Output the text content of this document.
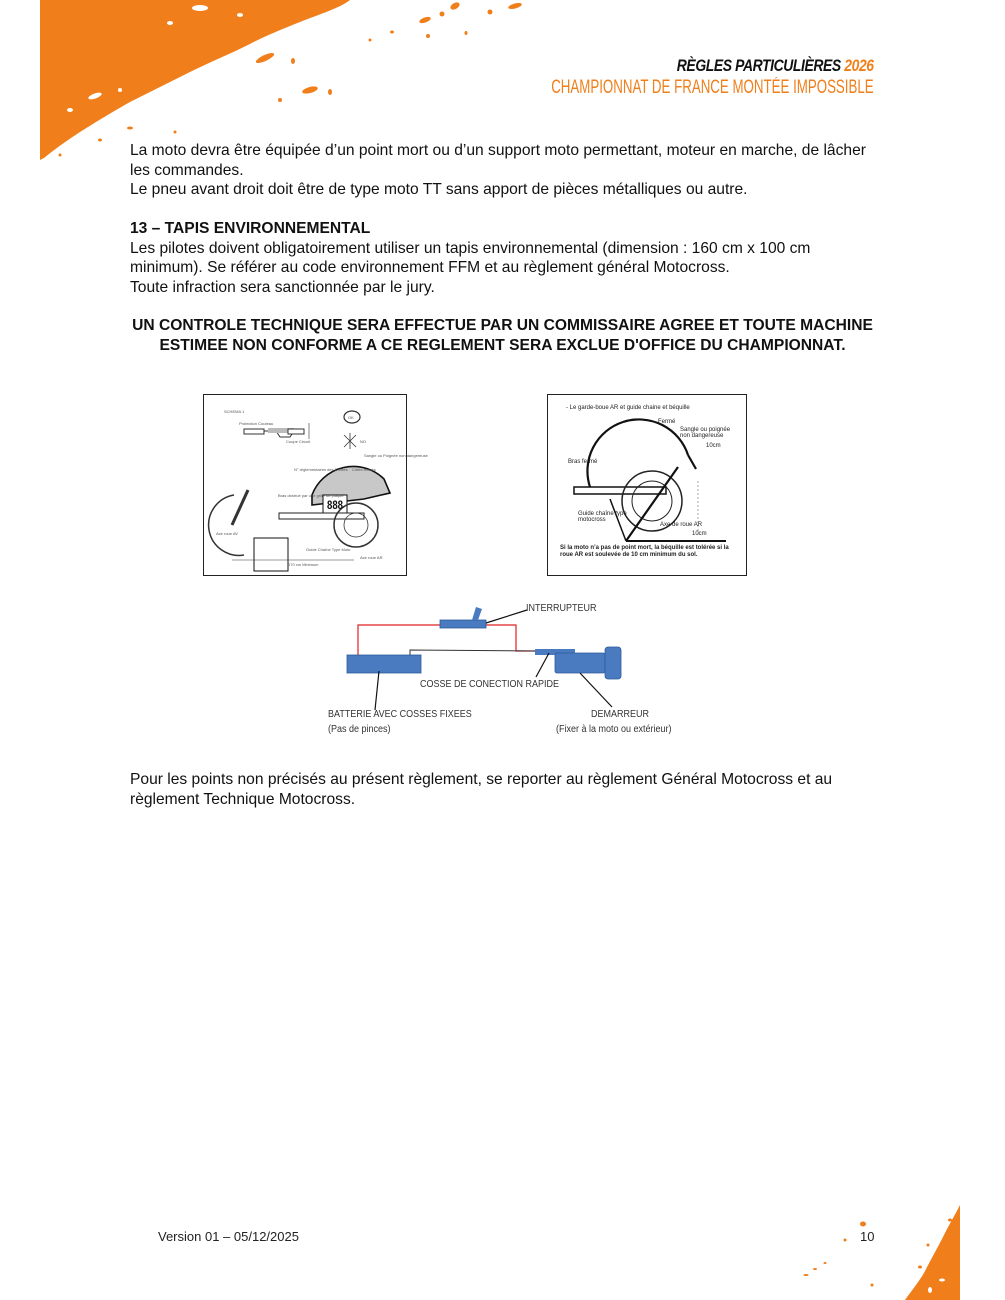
RÈGLES PARTICULIÈRES 2026
CHAMPIONNAT DE FRANCE MONTÉE IMPOSSIBLE

La moto devra être équipée d’un point mort ou d’un support moto permettant, moteur en marche, de lâcher les commandes.

Le pneu avant droit doit être de type moto TT sans apport de pièces métalliques ou autre.

13 – TAPIS ENVIRONNEMENTAL

Les pilotes doivent obligatoirement utiliser un tapis environnemental (dimension : 160 cm x 100 cm minimum). Se référer au code environnement FFM et au règlement général Motocross.

Toute infraction sera sanctionnée par le jury.

UN CONTROLE TECHNIQUE SERA EFFECTUE PAR UN COMMISSAIRE AGREE ET TOUTE MACHINE ESTIMEE NON CONFORME A CE REGLEMENT SERA EXCLUE D'OFFICE DU CHAMPIONNAT.
SCHEMA 1
Protection Couteau
Coupe Circuit
OK
NO
Sangle ou Poignée non dangereuse
N° réglementaires des 2 côtés Côtés fermés
Bras obstrué par une grille ou plaque
Axe roue AV
Guide Chaîne Type Moto
Axe roue AR
170 cm Minimum
888
- Le garde-boue AR et guide chaine et béquille
Fermé
Sangle ou poignée non dangereuse
10cm
Bras fermé
Guide chaîne type motocross
Axe de roue AR
10cm
Si la moto n’a pas de point mort, la béquille est tolérée si la roue AR est soulevée de 10 cm minimum du sol.
INTERRUPTEUR
COSSE DE CONECTION RAPIDE
BATTERIE AVEC COSSES FIXEES
(Pas de pinces)
DEMARREUR
(Fixer à la moto ou extérieur)
Pour les points non précisés au présent règlement, se reporter au règlement Général Motocross et au règlement Technique Motocross.
Version 01 – 05/12/2025	10
